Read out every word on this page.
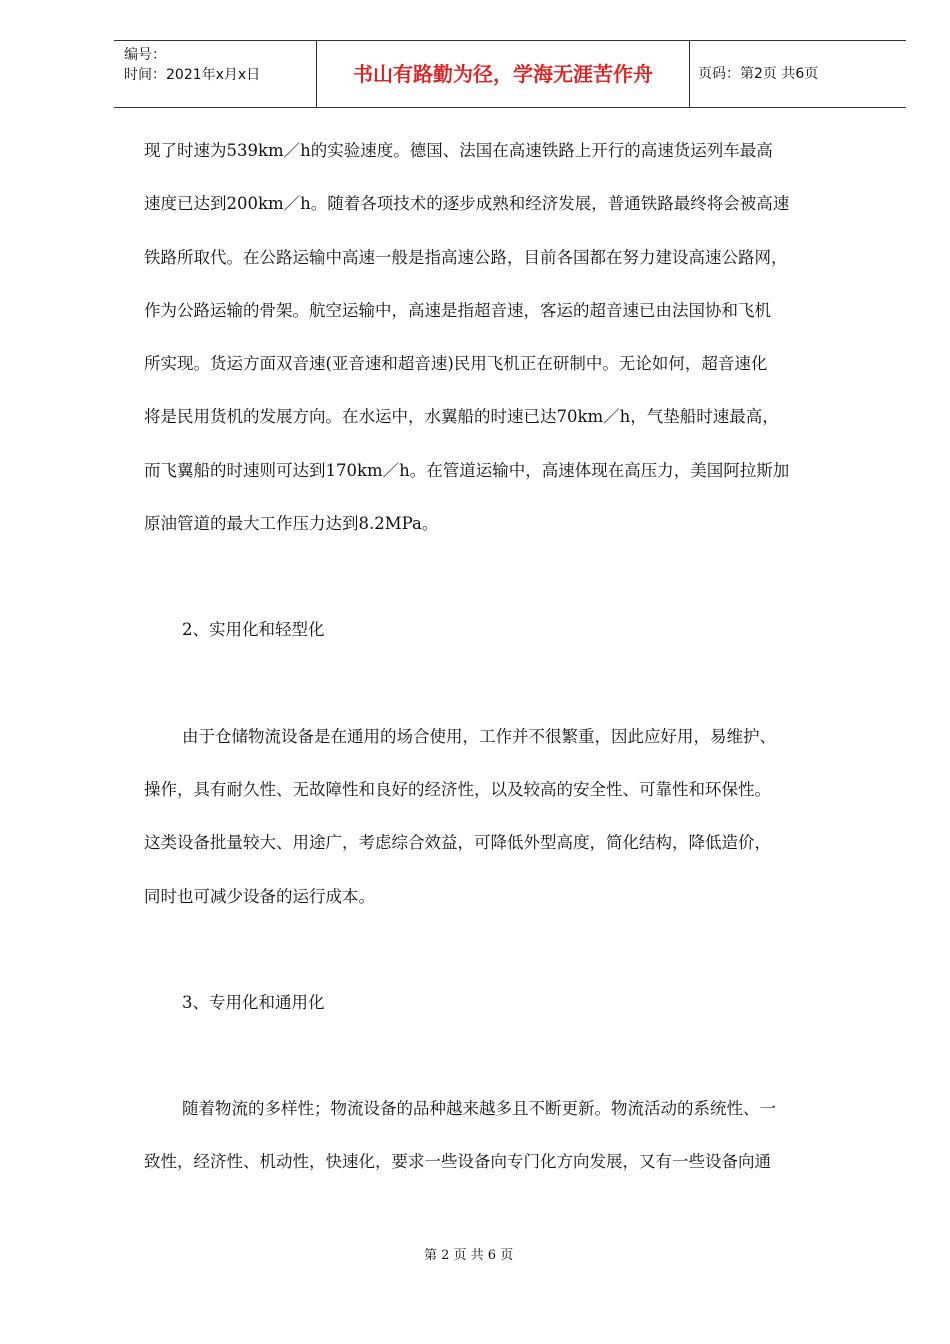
编号：
时间：2021年x月x日	书山有路勤为径，学海无涯苦作舟	页码：第2页 共6页

现了时速为539km／h的实验速度。德国、法国在高速铁路上开行的高速货运列车最高

速度已达到200km／h。随着各项技术的逐步成熟和经济发展，普通铁路最终将会被高速

铁路所取代。在公路运输中高速一般是指高速公路，目前各国都在努力建设高速公路网，

作为公路运输的骨架。航空运输中，高速是指超音速，客运的超音速已由法国协和飞机

所实现。货运方面双音速(亚音速和超音速)民用飞机正在研制中。无论如何，超音速化

将是民用货机的发展方向。在水运中，水翼船的时速已达70km／h，气垫船时速最高，

而飞翼船的时速则可达到170km／h。在管道运输中，高速体现在高压力，美国阿拉斯加

原油管道的最大工作压力达到8.2MPa。

2、实用化和轻型化

由于仓储物流设备是在通用的场合使用，工作并不很繁重，因此应好用，易维护、

操作，具有耐久性、无故障性和良好的经济性，以及较高的安全性、可靠性和环保性。

这类设备批量较大、用途广，考虑综合效益，可降低外型高度，简化结构，降低造价，

同时也可减少设备的运行成本。

3、专用化和通用化

随着物流的多样性；物流设备的品种越来越多且不断更新。物流活动的系统性、一

致性，经济性、机动性，快速化，要求一些设备向专门化方向发展，又有一些设备向通

第 2 页 共 6 页
